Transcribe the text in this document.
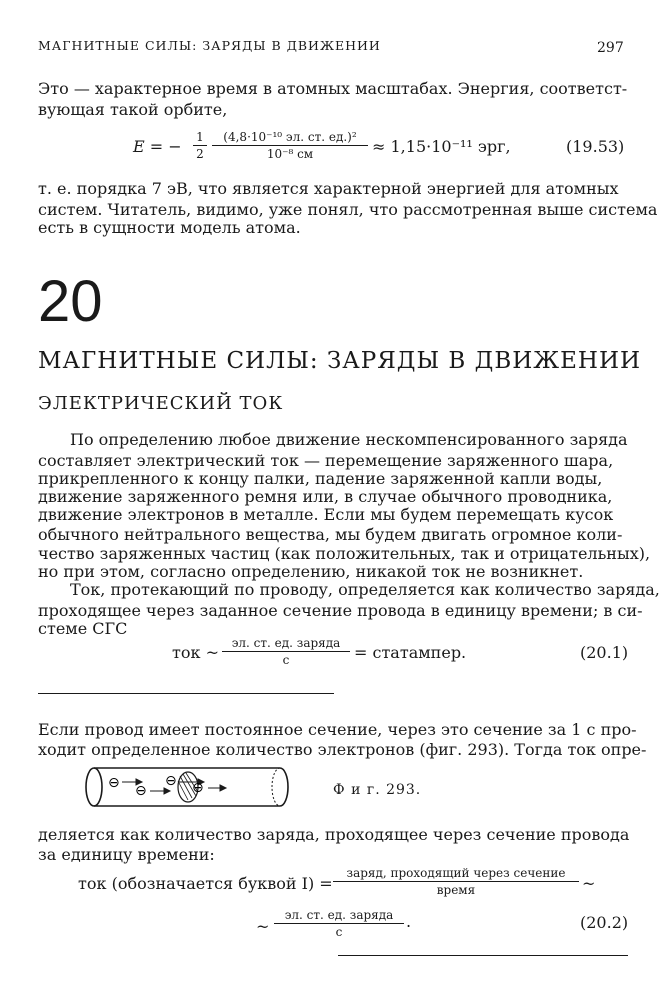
МАГНИТНЫЕ СИЛЫ: ЗАРЯДЫ В ДВИЖЕНИИ	297
Это — характерное время в атомных масштабах. Энергия, соответст-
вующая такой орбите,
E = − 1
2
(4,8·10⁻¹⁰ эл. ст. ед.)²
10⁻⁸ см	≈ 1,15·10⁻¹¹ эрг,	(19.53)
т. е. порядка 7 эВ, что является характерной энергией для атомных
систем. Читатель, видимо, уже понял, что рассмотренная выше система
есть в сущности модель атома.
20
МАГНИТНЫЕ СИЛЫ: ЗАРЯДЫ В ДВИЖЕНИИ
ЭЛЕКТРИЧЕСКИЙ ТОК
По определению любое движение нескомпенсированного заряда
составляет электрический ток — перемещение заряженного шара,
прикрепленного к концу палки, падение заряженной капли воды,
движение заряженного ремня или, в случае обычного проводника,
движение электронов в металле. Если мы будем перемещать кусок
обычного нейтрального вещества, мы будем двигать огромное коли-
чество заряженных частиц (как положительных, так и отрицательных),
но при этом, согласно определению, никакой ток не возникнет.
Ток, протекающий по проводу, определяется как количество заряда,
проходящее через заданное сечение провода в единицу времени; в си-
стеме СГС
ток ~	эл. ст. ед. заряда
с	= статампер.	(20.1)
Если провод имеет постоянное сечение, через это сечение за 1 с про-
ходит определенное количество электронов (фиг. 293). Тогда ток опре-
⊖ ⊖
⊖ ⊖	Ф и г. 293.
деляется как количество заряда, проходящее через сечение провода
за единицу времени:
ток (обозначается буквой I) =
заряд, проходящий через сечение
время	~
~
эл. ст. ед. заряда
с
.	(20.2)
